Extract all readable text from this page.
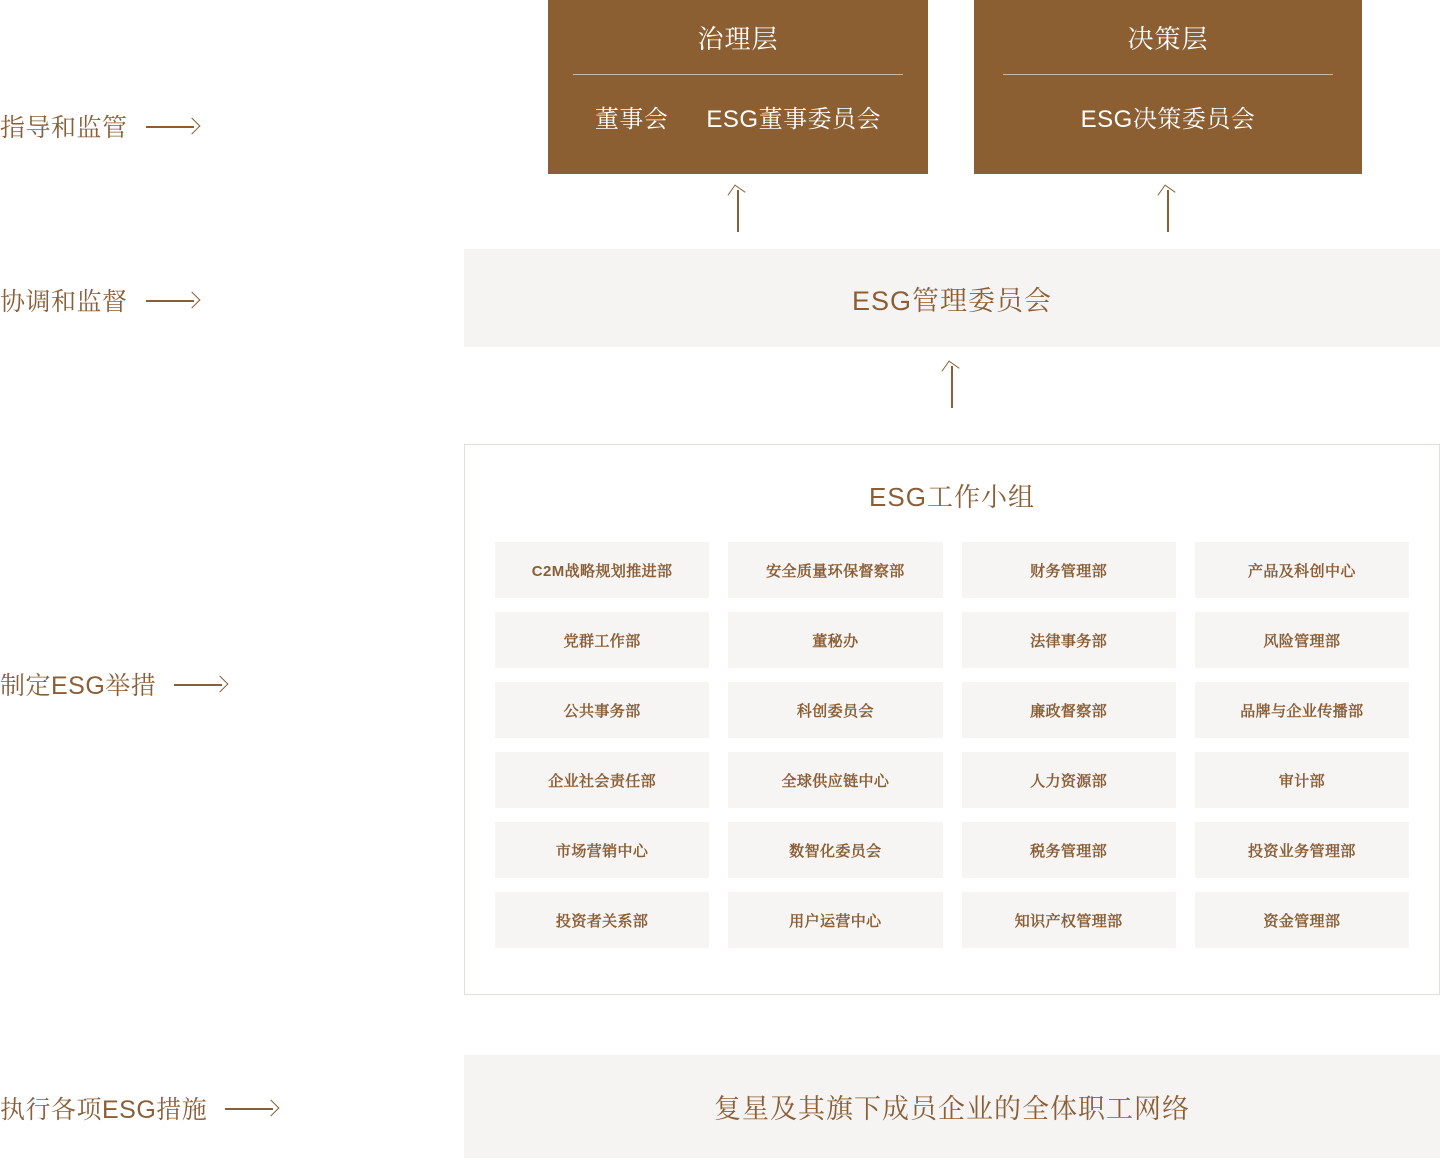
指导和监管
协调和监督
制定ESG举措
执行各项ESG措施
治理层
董事会 ESG董事委员会
决策层
ESG决策委员会
ESG管理委员会
ESG工作小组
C2M战略规划推进部	安全质量环保督察部	财务管理部	产品及科创中心
党群工作部	董秘办	法律事务部	风险管理部
公共事务部	科创委员会	廉政督察部	品牌与企业传播部
企业社会责任部	全球供应链中心	人力资源部	审计部
市场营销中心	数智化委员会	税务管理部	投资业务管理部
投资者关系部	用户运营中心	知识产权管理部	资金管理部
复星及其旗下成员企业的全体职工网络
